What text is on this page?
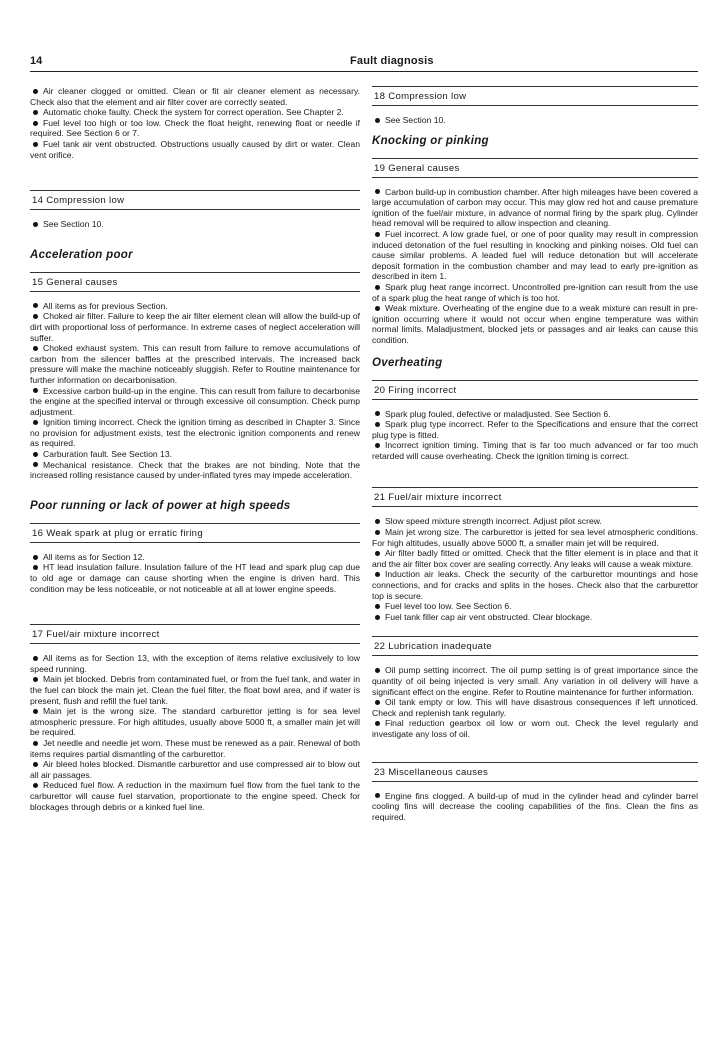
14	Fault diagnosis

Air cleaner clogged or omitted. Clean or fit air cleaner element as necessary. Check also that the element and air filter cover are correctly seated.

Automatic choke faulty. Check the system for correct operation. See Chapter 2.

Fuel level too high or too low. Check the float height, renewing float or needle if required. See Section 6 or 7.

Fuel tank air vent obstructed. Obstructions usually caused by dirt or water. Clean vent orifice.

14 Compression low

See Section 10.

Acceleration poor
15 General causes

All items as for previous Section.

Choked air filter. Failure to keep the air filter element clean will allow the build-up of dirt with proportional loss of performance. In extreme cases of neglect acceleration will suffer.

Choked exhaust system. This can result from failure to remove accumulations of carbon from the silencer baffles at the prescribed intervals. The increased back pressure will make the machine noticeably sluggish. Refer to Routine maintenance for further information on decarbonisation.

Excessive carbon build-up in the engine. This can result from failure to decarbonise the engine at the specified interval or through excessive oil consumption. Check pump adjustment.

Ignition timing incorrect. Check the ignition timing as described in Chapter 3. Since no provision for adjustment exists, test the electronic ignition components and renew as required.

Carburation fault. See Section 13.

Mechanical resistance. Check that the brakes are not binding. Note that the increased rolling resistance caused by under-inflated tyres may impede acceleration.

Poor running or lack of power at high speeds
16 Weak spark at plug or erratic firing

All items as for Section 12.

HT lead insulation failure. Insulation failure of the HT lead and spark plug cap due to old age or damage can cause shorting when the engine is driven hard. This condition may be less noticeable, or not noticeable at all at lower engine speeds.

17 Fuel/air mixture incorrect

All items as for Section 13, with the exception of items relative exclusively to low speed running.

Main jet blocked. Debris from contaminated fuel, or from the fuel tank, and water in the fuel can block the main jet. Clean the fuel filter, the float bowl area, and if water is present, flush and refill the fuel tank.

Main jet is the wrong size. The standard carburettor jetting is for sea level atmospheric pressure. For high altitudes, usually above 5000 ft, a smaller main jet will be required.

Jet needle and needle jet worn. These must be renewed as a pair. Renewal of both items requires partial dismantling of the carburettor.

Air bleed holes blocked. Dismantle carburettor and use compressed air to blow out all air passages.

Reduced fuel flow. A reduction in the maximum fuel flow from the fuel tank to the carburettor will cause fuel starvation, proportionate to the engine speed. Check for blockages through debris or a kinked fuel line.

18 Compression low

See Section 10.

Knocking or pinking
19 General causes

Carbon build-up in combustion chamber. After high mileages have been covered a large accumulation of carbon may occur. This may glow red hot and cause premature ignition of the fuel/air mixture, in advance of normal firing by the spark plug. Cylinder head removal will be required to allow inspection and cleaning.

Fuel incorrect. A low grade fuel, or one of poor quality may result in compression induced detonation of the fuel resulting in knocking and pinking noises. Old fuel can cause similar problems. A leaded fuel will reduce detonation but will accelerate deposit formation in the combustion chamber and may lead to early pre-ignition as described in item 1.

Spark plug heat range incorrect. Uncontrolled pre-ignition can result from the use of a spark plug the heat range of which is too hot.

Weak mixture. Overheating of the engine due to a weak mixture can result in pre-ignition occurring where it would not occur when engine temperature was within normal limits. Maladjustment, blocked jets or passages and air leaks can cause this condition.

Overheating
20 Firing incorrect

Spark plug fouled, defective or maladjusted. See Section 6.

Spark plug type incorrect. Refer to the Specifications and ensure that the correct plug type is fitted.

Incorrect ignition timing. Timing that is far too much advanced or far too much retarded will cause overheating. Check the ignition timing is correct.

21 Fuel/air mixture incorrect

Slow speed mixture strength incorrect. Adjust pilot screw.

Main jet wrong size. The carburettor is jetted for sea level atmospheric conditions. For high altitudes, usually above 5000 ft, a smaller main jet will be required.

Air filter badly fitted or omitted. Check that the filter element is in place and that it and the air filter box cover are sealing correctly. Any leaks will cause a weak mixture.

Induction air leaks. Check the security of the carburettor mountings and hose connections, and for cracks and splits in the hoses. Check also that the carburettor top is secure.

Fuel level too low. See Section 6.

Fuel tank filler cap air vent obstructed. Clear blockage.

22 Lubrication inadequate

Oil pump setting incorrect. The oil pump setting is of great importance since the quantity of oil being injected is very small. Any variation in oil delivery will have a significant effect on the engine. Refer to Routine maintenance for further information.

Oil tank empty or low. This will have disastrous consequences if left unnoticed. Check and replenish tank regularly.

Final reduction gearbox oil low or worn out. Check the level regularly and investigate any loss of oil.

23 Miscellaneous causes

Engine fins clogged. A build-up of mud in the cylinder head and cylinder barrel cooling fins will decrease the cooling capabilities of the fins. Clean the fins as required.
